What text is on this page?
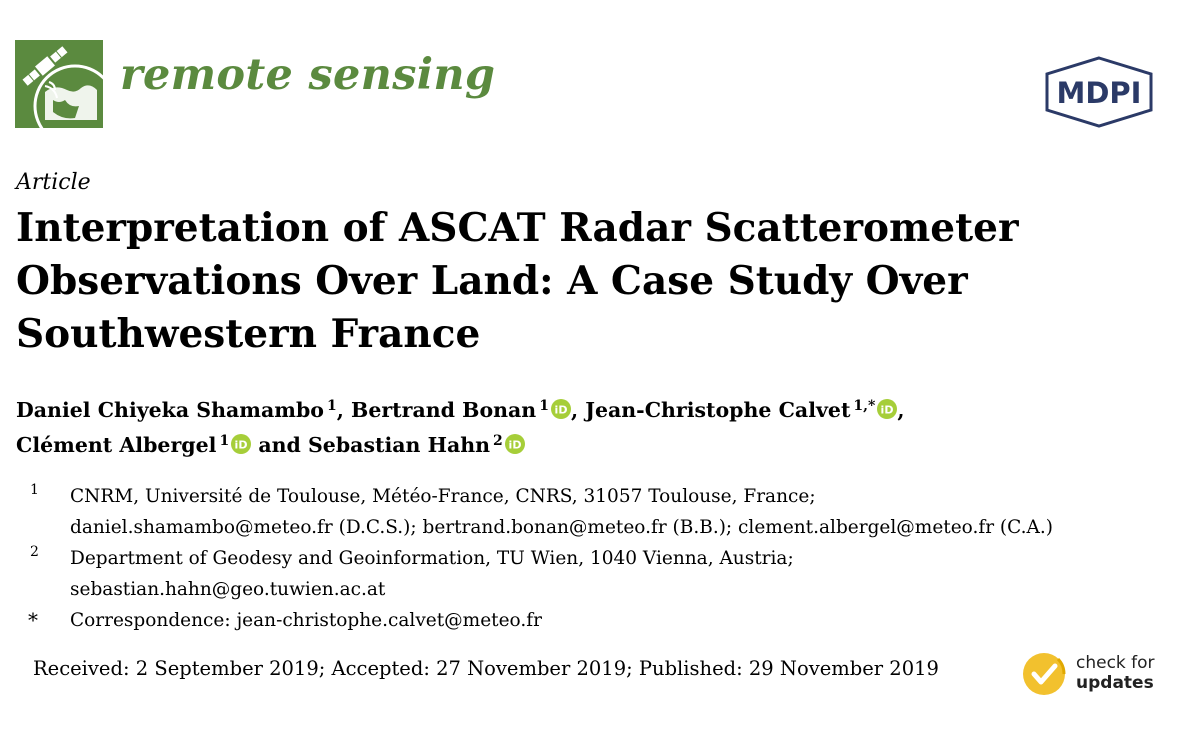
remote sensing	MDPI
Article
Interpretation of ASCAT Radar Scatterometer
Observations Over Land: A Case Study Over
Southwestern France
Daniel Chiyeka Shamambo $^1$, Bertrand Bonan $^1$ iD , Jean-Christophe Calvet $^{1,*}$ iD ,
Clément Albergel $^1$ iD and Sebastian Hahn $^2$ iD
1 CNRM, Université de Toulouse, Météo-France, CNRS, 31057 Toulouse, France;
daniel.shamambo@meteo.fr (D.C.S.); bertrand.bonan@meteo.fr (B.B.); clement.albergel@meteo.fr (C.A.)
2 Department of Geodesy and Geoinformation, TU Wien, 1040 Vienna, Austria;
sebastian.hahn@geo.tuwien.ac.at
* Correspondence: jean-christophe.calvet@meteo.fr
Received: 2 September 2019; Accepted: 27 November 2019; Published: 29 November 2019	check for
updates
